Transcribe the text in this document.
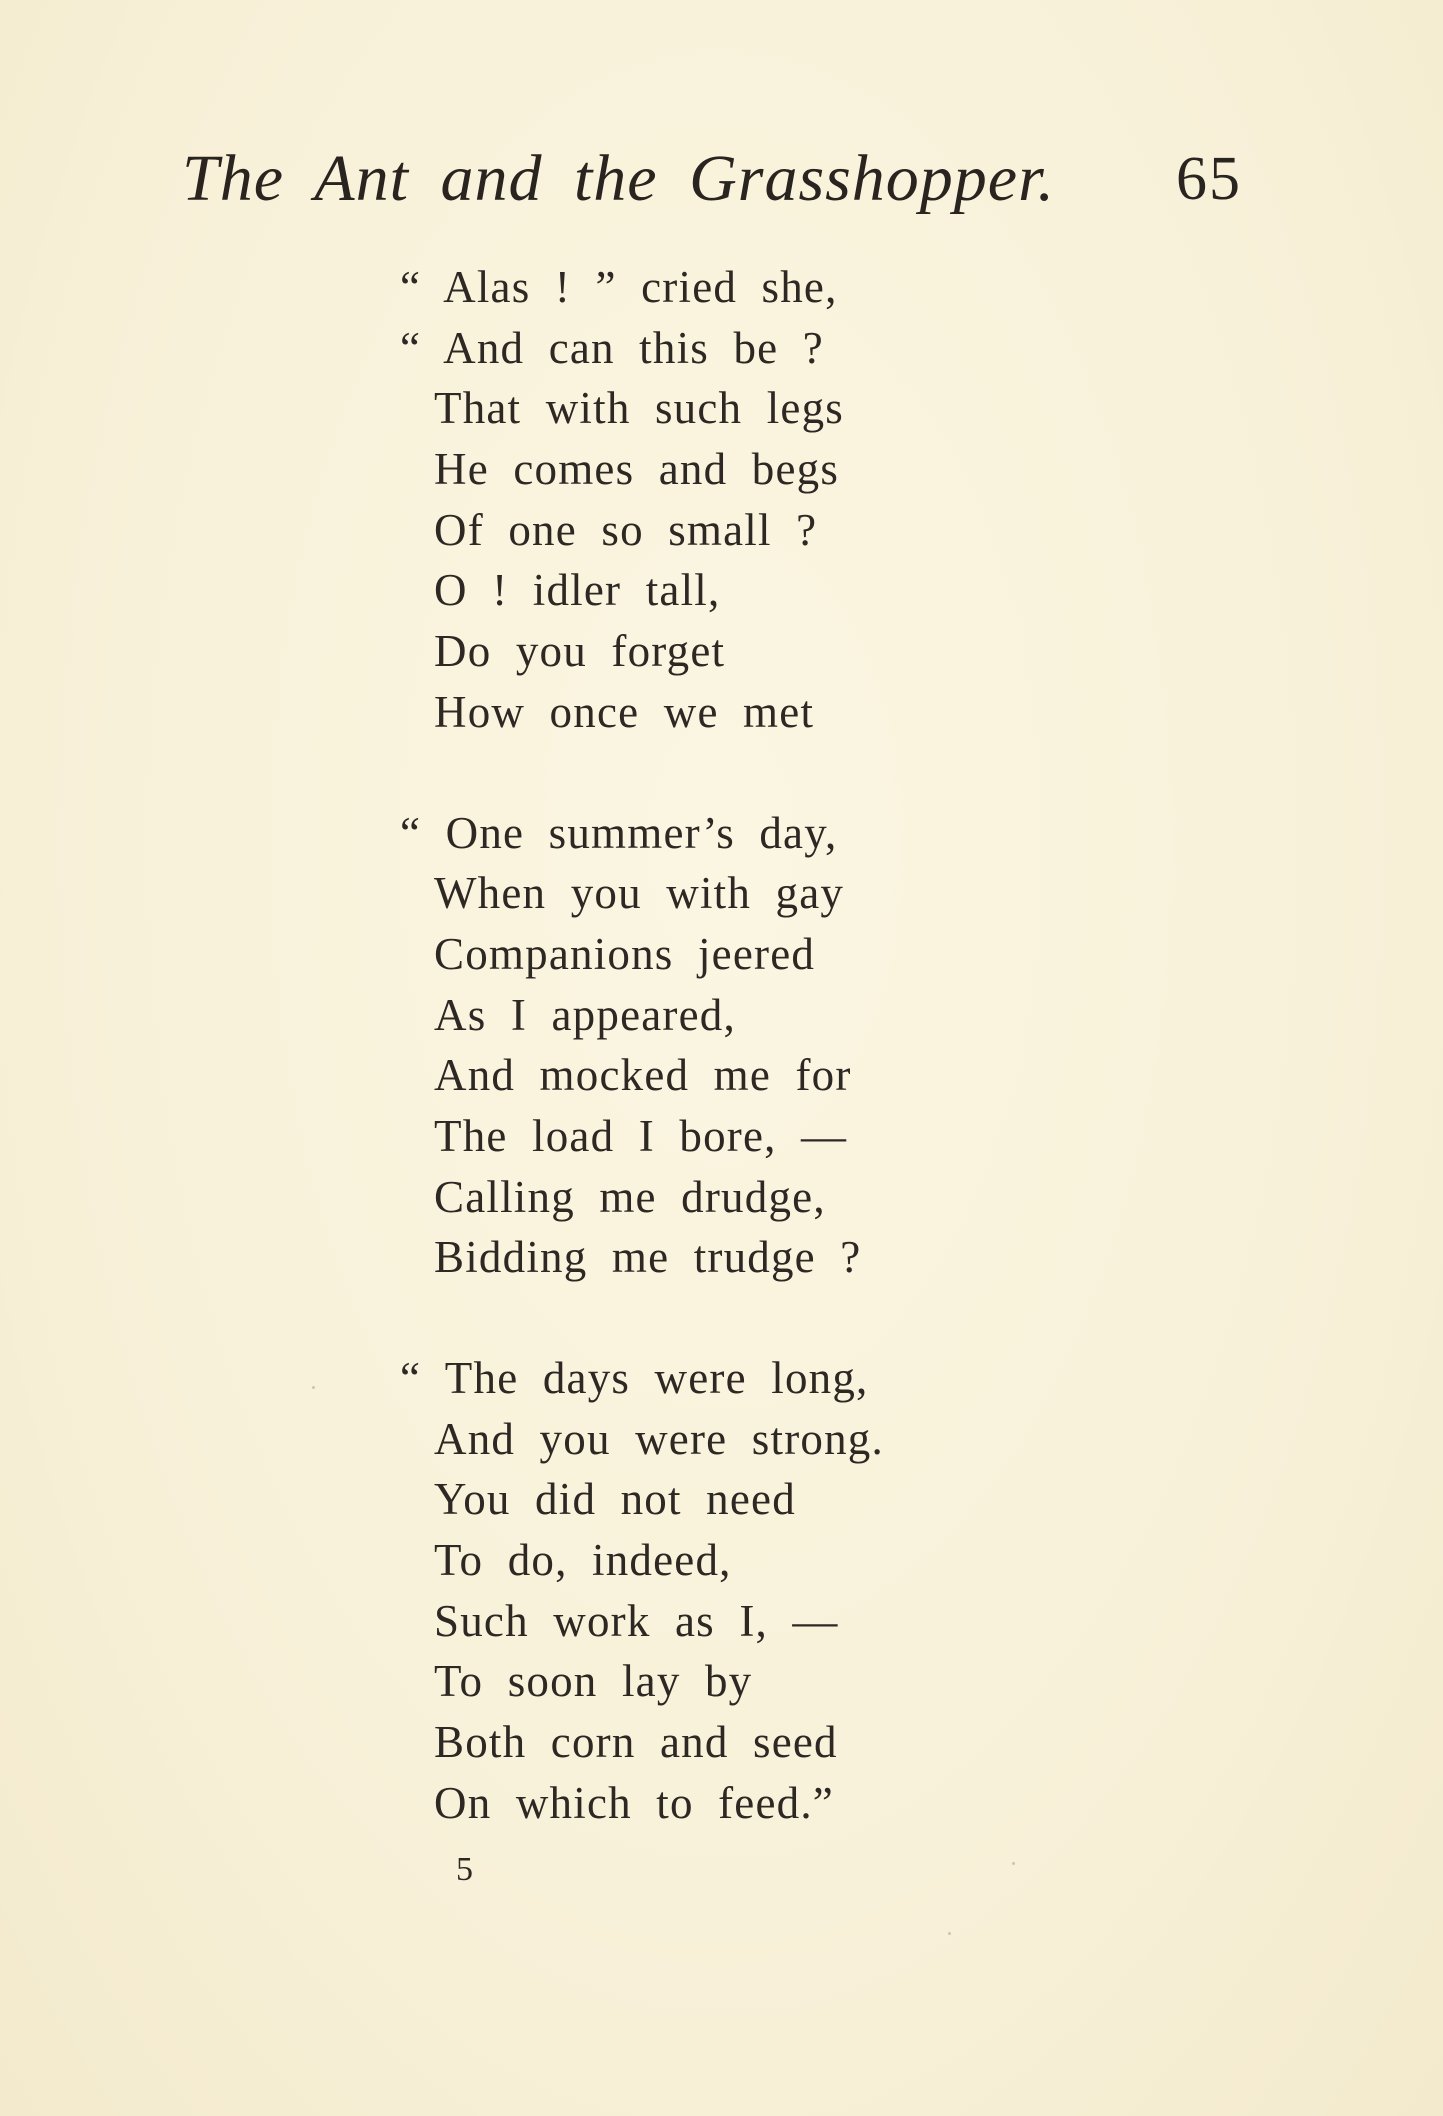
The Ant and the Grasshopper. 65
“ Alas ! ” cried she,
“ And can this be ?
That with such legs
He comes and begs
Of one so small ?
O ! idler tall,
Do you forget
How once we met
“ One summer’s day,
When you with gay
Companions jeered
As I appeared,
And mocked me for
The load I bore, —
Calling me drudge,
Bidding me trudge ?
“ The days were long,
And you were strong.
You did not need
To do, indeed,
Such work as I, —
To soon lay by
Both corn and seed
On which to feed.”
5
